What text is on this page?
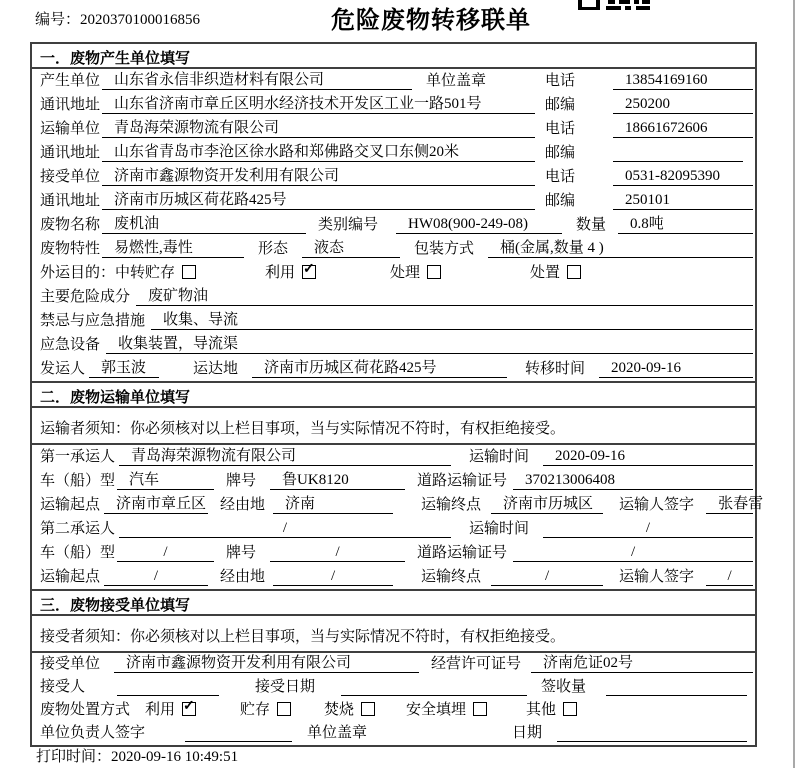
编号：2020370100016856	危险废物转移联单
一．废物产生单位填写
产生单位 山东省永信非织造材料有限公司	单位盖章	电话	13854169160
通讯地址 山东省济南市章丘区明水经济技术开发区工业一路501号	邮编	250200
运输单位 青岛海荣源物流有限公司	电话	18661672606
通讯地址 山东省青岛市李沧区徐水路和郑佛路交叉口东侧20米	邮编
接受单位 济南市鑫源物资开发利用有限公司	电话	0531-82095390
通讯地址 济南市历城区荷花路425号	邮编	250101
废物名称 废机油	类别编号	HW08(900-249-08)	数量	0.8吨
废物特性 易燃性,毒性	形态	液态	包装方式	桶(金属,数量 4 )
外运目的： 中转贮存	利用 ✓	处理	处置
主要危险成分	废矿物油
禁忌与应急措施	收集、导流
应急设备	收集装置，导流渠
发运人	郭玉波	运达地	济南市历城区荷花路425号	转移时间	2020-09-16
二．废物运输单位填写
运输者须知：你必须核对以上栏目事项，当与实际情况不符时，有权拒绝接受。
第一承运人	青岛海荣源物流有限公司	运输时间	2020-09-16
车（船）型 汽车	牌号	鲁UK8120	道路运输证号	370213006408
运输起点	济南市章丘区 经由地	济南	运输终点	济南市历城区	运输人签字	张春雷
第二承运人	/	运输时间	/
车（船）型	/	牌号	/	道路运输证号	/
运输起点	/	经由地	/	运输终点	/	运输人签字	/
三．废物接受单位填写
接受者须知：你必须核对以上栏目事项，当与实际情况不符时，有权拒绝接受。
接受单位	济南市鑫源物资开发利用有限公司	经营许可证号	济南危证02号
接受人	接受日期	签收量
废物处置方式 利用 ✓	贮存	焚烧	安全填埋	其他
单位负责人签字	单位盖章	日期
打印时间：2020-09-16 10:49:51
